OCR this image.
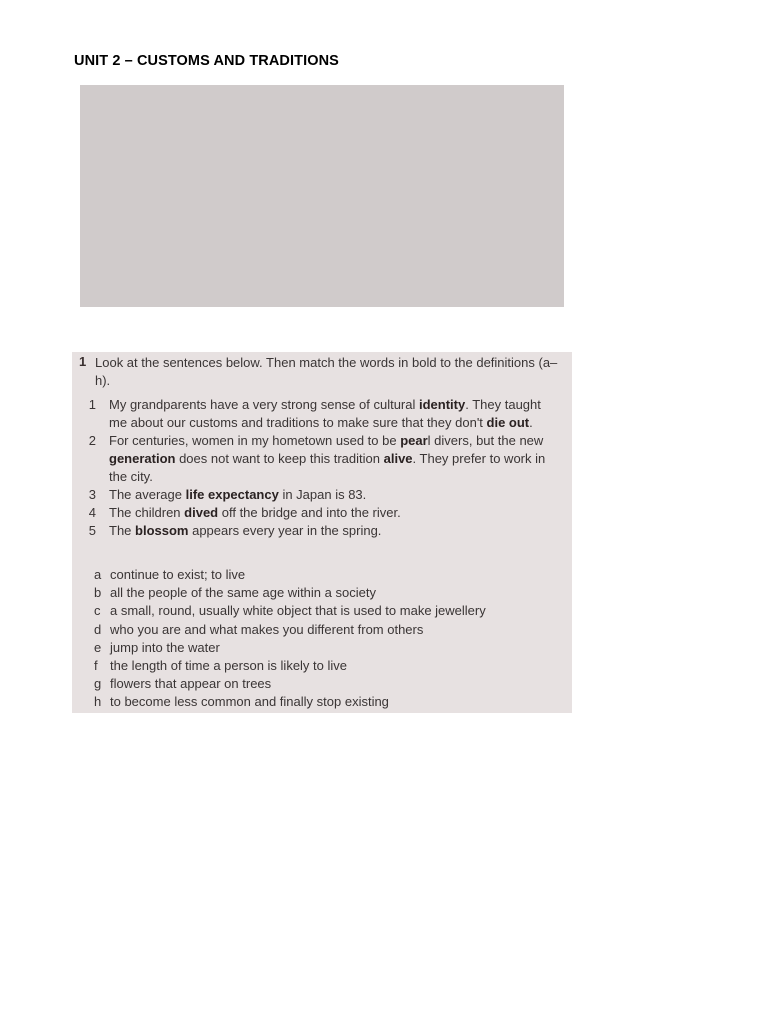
UNIT 2 – CUSTOMS AND TRADITIONS
1 Look at the sentences below. Then match the words in bold to the definitions (a–h).
1 My grandparents have a very strong sense of cultural identity. They taught me about our customs and traditions to make sure that they don't die out.
2 For centuries, women in my hometown used to be pearl divers, but the new generation does not want to keep this tradition alive. They prefer to work in the city.
3 The average life expectancy in Japan is 83.
4 The children dived off the bridge and into the river.
5 The blossom appears every year in the spring.
a continue to exist; to live
b all the people of the same age within a society
c a small, round, usually white object that is used to make jewellery
d who you are and what makes you different from others
e jump into the water
f the length of time a person is likely to live
g flowers that appear on trees
h to become less common and finally stop existing
